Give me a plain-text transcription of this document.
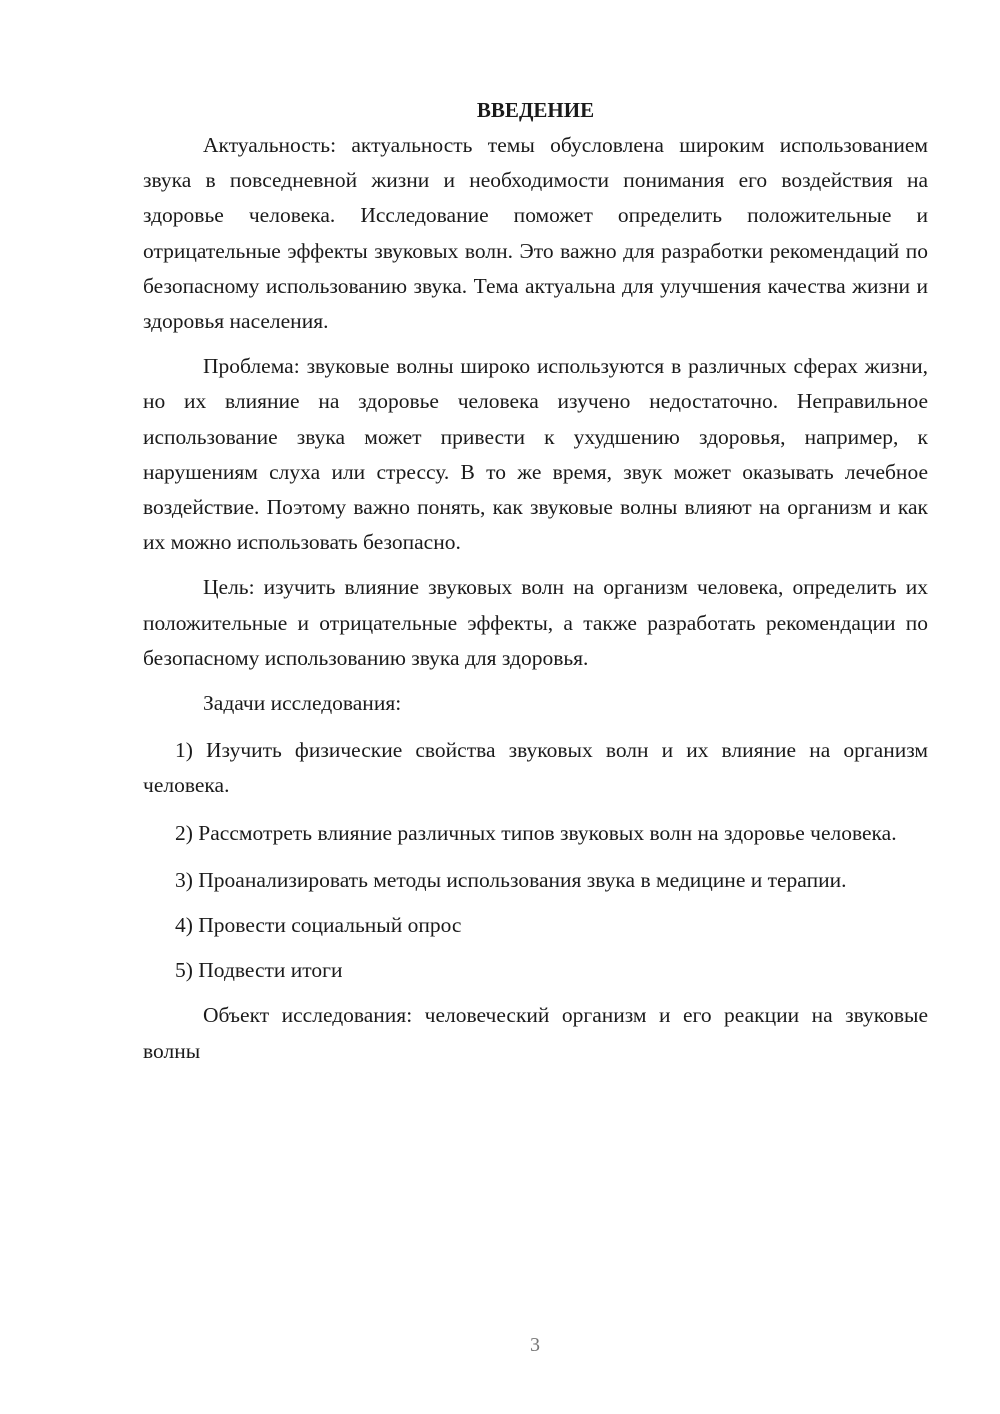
ВВЕДЕНИЕ

Актуальность: актуальность темы обусловлена широким использованием звука в повседневной жизни и необходимости понимания его воздействия на здоровье человека. Исследование поможет определить положительные и отрицательные эффекты звуковых волн. Это важно для разработки рекомендаций по безопасному использованию звука. Тема актуальна для улучшения качества жизни и здоровья населения.

Проблема: звуковые волны широко используются в различных сферах жизни, но их влияние на здоровье человека изучено недостаточно. Неправильное использование звука может привести к ухудшению здоровья, например, к нарушениям слуха или стрессу. В то же время, звук может оказывать лечебное воздействие. Поэтому важно понять, как звуковые волны влияют на организм и как их можно использовать безопасно.

Цель: изучить влияние звуковых волн на организм человека, определить их положительные и отрицательные эффекты, а также разработать рекомендации по безопасному использованию звука для здоровья.

Задачи исследования:

1) Изучить физические свойства звуковых волн и их влияние на организм человека.

2) Рассмотреть влияние различных типов звуковых волн на здоровье человека.

3) Проанализировать методы использования звука в медицине и терапии.

4) Провести социальный опрос

5) Подвести итоги

Объект исследования: человеческий организм и его реакции на звуковые волны

3
